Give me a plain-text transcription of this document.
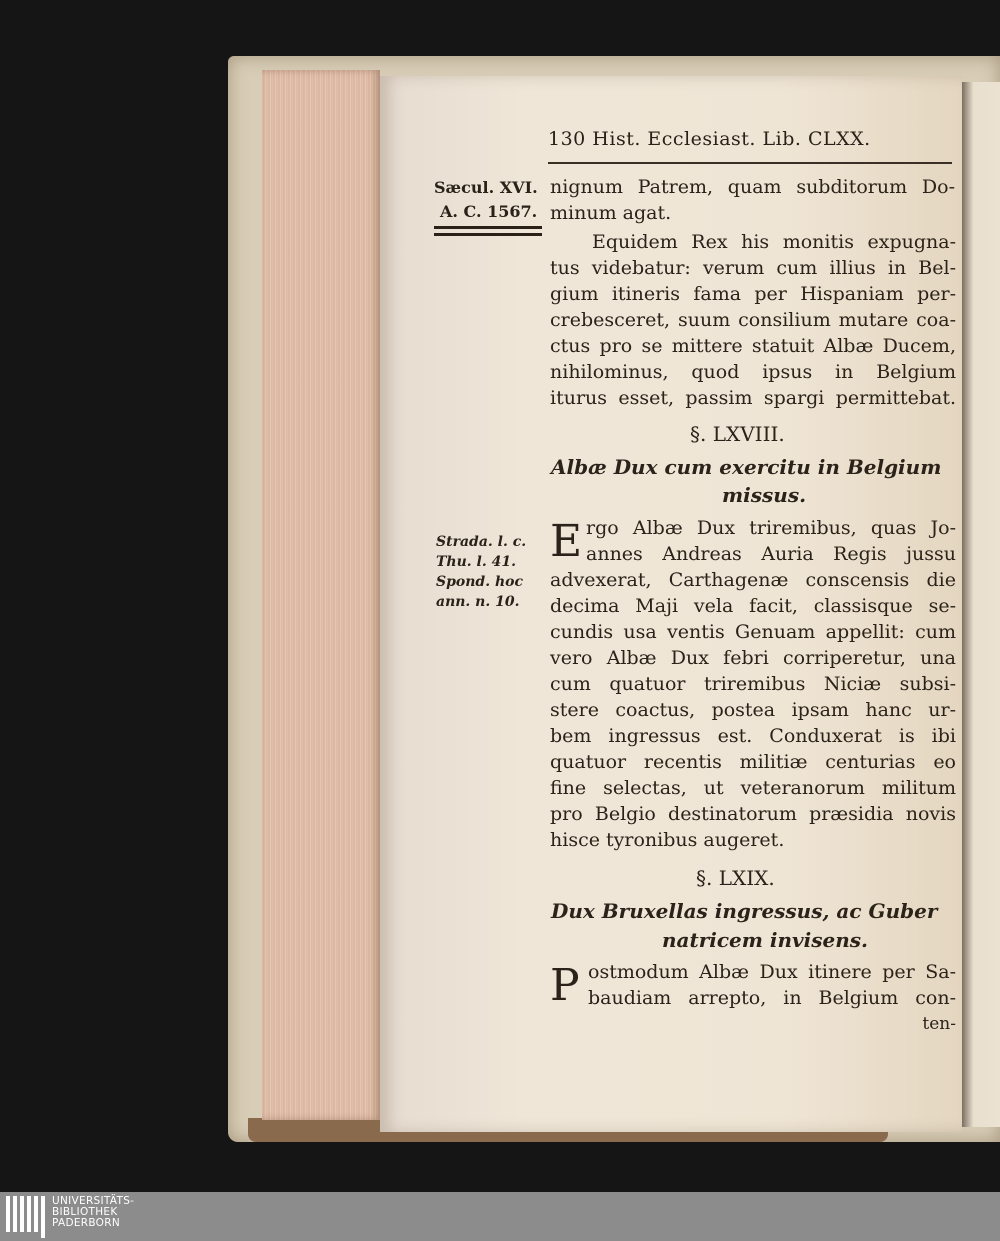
130 Hist. Ecclesiast. Lib. CLXX.
Sæcul. XVI.
A. C. 1567.
Strada. l. c.
Thu. l. 41.
Spond. hoc
ann. n. 10.
nignum Patrem, quam subditorum Do-
minum agat.
Equidem Rex his monitis expugna-
tus videbatur: verum cum illius in Bel-
gium itineris fama per Hispaniam per-
crebesceret, suum consilium mutare coa-
ctus pro se mittere statuit Albæ Ducem,
nihilominus, quod ipsus in Belgium
iturus esset, passim spargi permittebat.
§. LXVIII.
Albæ Dux cum exercitu in Belgium
missus.
E rgo Albæ Dux triremibus, quas Jo-
annes Andreas Auria Regis jussu
advexerat, Carthagenæ conscensis die
decima Maji vela facit, classisque se-
cundis usa ventis Genuam appellit: cum
vero Albæ Dux febri corriperetur, una
cum quatuor triremibus Niciæ subsi-
stere coactus, postea ipsam hanc ur-
bem ingressus est. Conduxerat is ibi
quatuor recentis militiæ centurias eo
fine selectas, ut veteranorum militum
pro Belgio destinatorum præsidia novis
hisce tyronibus augeret.
§. LXIX.
Dux Bruxellas ingressus, ac Guber
natricem invisens.
P ostmodum Albæ Dux itinere per Sa-
baudiam arrepto, in Belgium con-
ten-
UNIVERSITÄTS-
BIBLIOTHEK
PADERBORN
